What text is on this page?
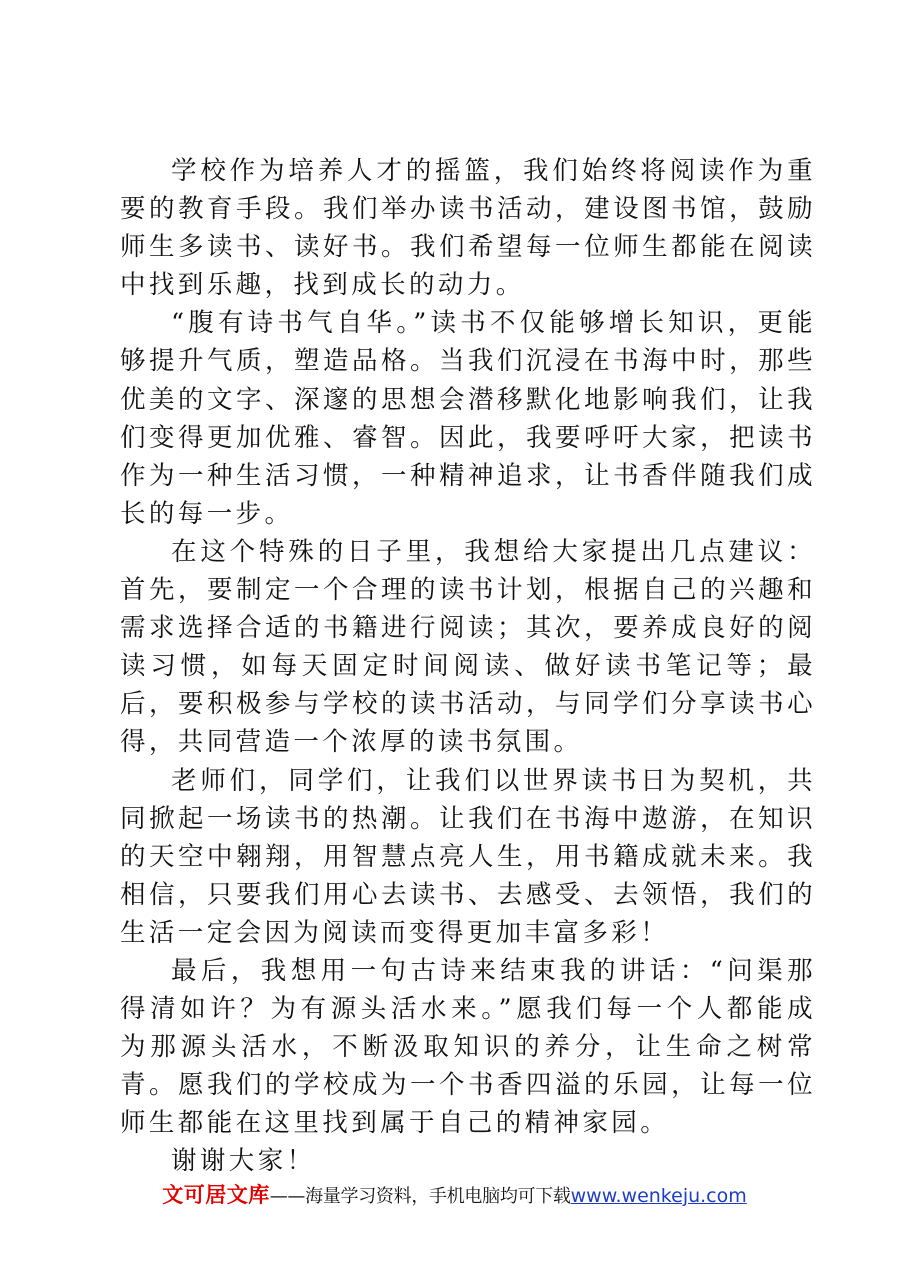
学校作为培养人才的摇篮，我们始终将阅读作为重要的教育手段。我们举办读书活动，建设图书馆，鼓励师生多读书、读好书。我们希望每一位师生都能在阅读中找到乐趣，找到成长的动力。

“腹有诗书气自华。”读书不仅能够增长知识，更能够提升气质，塑造品格。当我们沉浸在书海中时，那些优美的文字、深邃的思想会潜移默化地影响我们，让我们变得更加优雅、睿智。因此，我要呼吁大家，把读书作为一种生活习惯，一种精神追求，让书香伴随我们成长的每一步。

在这个特殊的日子里，我想给大家提出几点建议：首先，要制定一个合理的读书计划，根据自己的兴趣和需求选择合适的书籍进行阅读；其次，要养成良好的阅读习惯，如每天固定时间阅读、做好读书笔记等；最后，要积极参与学校的读书活动，与同学们分享读书心得，共同营造一个浓厚的读书氛围。

老师们，同学们，让我们以世界读书日为契机，共同掀起一场读书的热潮。让我们在书海中遨游，在知识的天空中翱翔，用智慧点亮人生，用书籍成就未来。我相信，只要我们用心去读书、去感受、去领悟，我们的生活一定会因为阅读而变得更加丰富多彩！

最后，我想用一句古诗来结束我的讲话：“问渠那得清如许？为有源头活水来。”愿我们每一个人都能成为那源头活水，不断汲取知识的养分，让生命之树常青。愿我们的学校成为一个书香四溢的乐园，让每一位师生都能在这里找到属于自己的精神家园。

谢谢大家！

文可居文库——海量学习资料，手机电脑均可下载www.wenkeju.com
